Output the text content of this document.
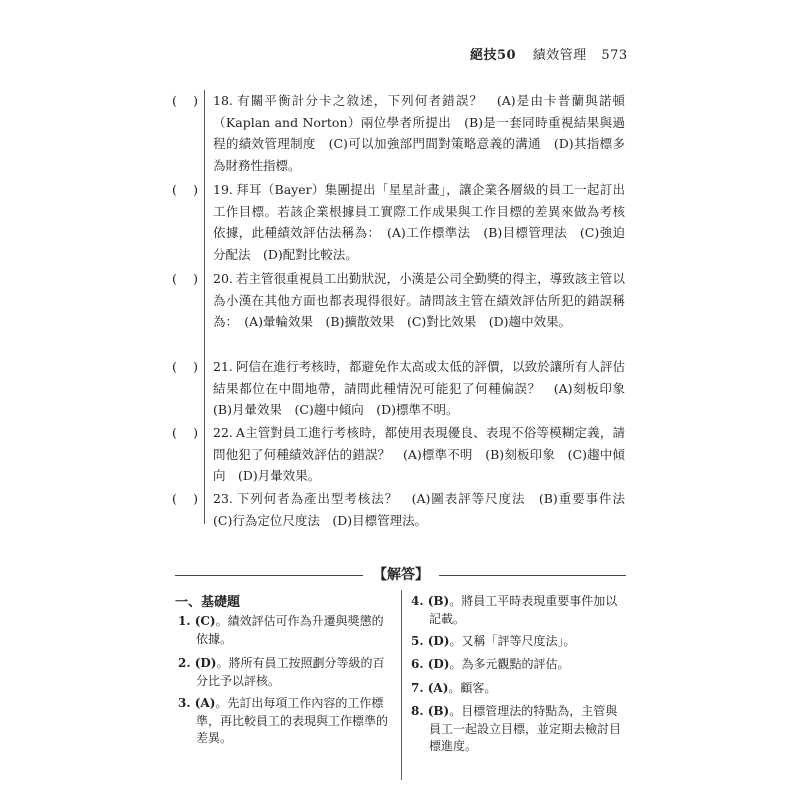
絕技50 績效管理 573
( ) 18. 有關平衡計分卡之敘述，下列何者錯誤？　(A)是由卡普蘭與諾頓（Kaplan and Norton）兩位學者所提出　(B)是一套同時重視結果與過程的績效管理制度　(C)可以加強部門間對策略意義的溝通　(D)其指標多為財務性指標。
( ) 19. 拜耳（Bayer）集團提出「星星計畫」，讓企業各層級的員工一起訂出工作目標。若該企業根據員工實際工作成果與工作目標的差異來做為考核依據，此種績效評估法稱為：　(A)工作標準法　(B)目標管理法　(C)強迫分配法　(D)配對比較法。
( ) 20. 若主管很重視員工出勤狀況，小漢是公司全勤獎的得主，導致該主管以為小漢在其他方面也都表現得很好。請問該主管在績效評估所犯的錯誤稱為：　(A)暈輪效果　(B)擴散效果　(C)對比效果　(D)趨中效果。
( ) 21. 阿信在進行考核時，都避免作太高或太低的評價，以致於讓所有人評估結果都位在中間地帶，請問此種情況可能犯了何種偏誤？　(A)刻板印象　(B)月暈效果　(C)趨中傾向　(D)標準不明。
( ) 22. A主管對員工進行考核時，都使用表現優良、表現不俗等模糊定義，請問他犯了何種績效評估的錯誤？　(A)標準不明　(B)刻板印象　(C)趨中傾向　(D)月暈效果。
( ) 23. 下列何者為產出型考核法？　(A)圖表評等尺度法　(B)重要事件法　(C)行為定位尺度法　(D)目標管理法。
【解答】
一、基礎題
1. (C)。績效評估可作為升遷與獎懲的依據。
2. (D)。將所有員工按照劃分等級的百分比予以評核。
3. (A)。先訂出每項工作內容的工作標準，再比較員工的表現與工作標準的差異。
4. (B)。將員工平時表現重要事件加以記載。
5. (D)。又稱「評等尺度法」。
6. (D)。為多元觀點的評估。
7. (A)。顧客。
8. (B)。目標管理法的特點為，主管與員工一起設立目標，並定期去檢討目標進度。
